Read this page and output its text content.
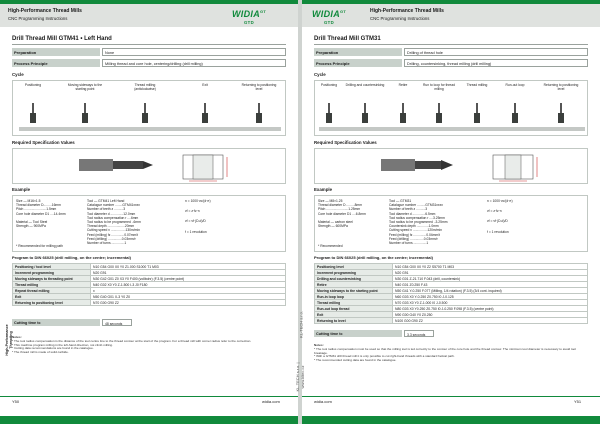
High-Performance Thread Mills
CNC Programming Instructions	$WIDIA^{GT}$
GTD
Drill Thread Mill GTM41 • Left Hand
Preparation	None
Process Principle	Milling thread and core hole, centering/drilling (drill milling)
Cycle
Positioning	Moving sideways to the starting point
Thread milling (anticlockwise)
Exit	Returning to positioning level
Required Specification Values
Example
Size — M16×1.5
Thread diameter D.........16mm
Pitch ........................1.5mm
Core hole diameter D1 ....14.4mm

Material — Tool Steel
Strength — 900MPa
Tool — GTM41 Left Hand
Catalogue number ........GTM41xxxx
Number of teeth z ..........3
Tool diameter d ..............12.0mm
Tool radius compensation r ....6mm
Tool radius to be programmed ..6mm
Thread depth ...................20mm
Cutting speed v ................130m/min
Feed (milling) fz ..............0.07mm/t
Feed (drilling) ...............0.03mm/r
Number of turns ..............1
n = 1000·vc/(d·π)
vf = z·fz·n
vf = vf·(D-d)/D
f = 1 revolution
* Recommended for milling path
Program to DIN 66025 (drill milling, on the centre; incremental)
Positioning / tool level	N10 G54 G00 X0 Y0 Z1.000 S1000 T1 M03
Increment programming	N20 G91
Moving sideways to threading point	N30 G42 G01 Z0 X3 Y0 F400 (vollbohr) (F.3.5) (centre point)
Thread milling	N40 G02 X0 Y0 Z-1.500 I-3 J0 F180
Repeat thread milling	x
Exit	N50 G40 G01 X-3 Y0 Z0
Returning to positioning level	N70 G00 G90 Z2
Cutting time tc	48 seconds
Notes:
* The tool radius compensation is the distance of the tool centre line to the thread contour at the start of the program. For a thread mill with corner radius refer to the correction.
* This machine program milling in the left-hand direction, not climb milling.
* Cutting data recommendations are found in the catalogue.
* The thread mill is made of solid carbide.
High-Performance Threading
Y50	widia.com
KL-TECH s.r.o. | www.kltec.cz
$WIDIA^{GT}$
GTD
High-Performance Thread Mills
CNC Programming Instructions
Drill Thread Mill GTM31
Preparation	Drilling of thread hole
Process Principle	Drilling, countersinking, thread milling (drill milling)
Cycle
Positioning	Drilling and countersinking	Retire	Run to loop for thread milling
Thread milling	Run-out loop	Returning to positioning level
Required Specification Values
Example
Size — M8×1.25
Thread diameter D .........8mm
Pitch ........................1.25mm
Core hole diameter D1 ....6.8mm

Material — carbon steel
Strength — 600MPa
Tool — GTM31
Catalogue number .........GTM31xxxx
Number of teeth z ..........3
Tool diameter d ..............6.5mm
Tool radius compensation r ....3.25mm
Tool radius to be programmed ..3.25mm
Countersink depth .............1.0mm
Cutting speed v ................120m/min
Feed (milling) fz ..............0.04mm/t
Feed (drilling) ...............0.03mm/r
Number of turns ..............1
n = 1000·vc/(d·π)
vf = z·fz·n
vf = vf·(D-d)/D
f = 1 revolution
* Recommended
Program to DIN 66025 (drill milling, on the centre; incremental)
Positioning level	N10 G54 G00 X0 Y0 Z2 S5700 T1 M03
Increment programming	N20 G91
Drilling and countersinking	N30 G01 Z-21.710 F.043 (drill, countersink)
Retire	N40 G01 Z0.250 F.43
Moving sideways to the starting point	N50 G41 Y-0.250 F.077 (Milling, 1/4 rotation) (F.3.5) (3/4 cont. inquired)
Run-in loop loop	N60 G03 X0 Y-0.250 Z0.750 I0 J-0.125
Thread milling	N70 G03 X0 Y0 Z-1.000 I0 J-0.500
Run-out loop thread	N80 G03 X0 Y0.250 Z0.750 I0 J-0.250 F.098 (F.3.5) (centre point)
Exit	N90 G00 G40 Y0 Z0.250
Returning to level	N100 G00 G90 Z2
Cutting time tc	3.3 seconds
Notes:
* The tool radius compensation must be used so that the milling tool is led correctly to the contour of the core hole and the thread contour. The minimum tool diameter is necessary to avoid tool breakage.
* With a GTM31 drill thread mill it is only possible to cut right-hand threads with a standard helical path.
* The recommended cutting data are found in the catalogue.
widia.com	Y51
KL-TECH s.r.o.
